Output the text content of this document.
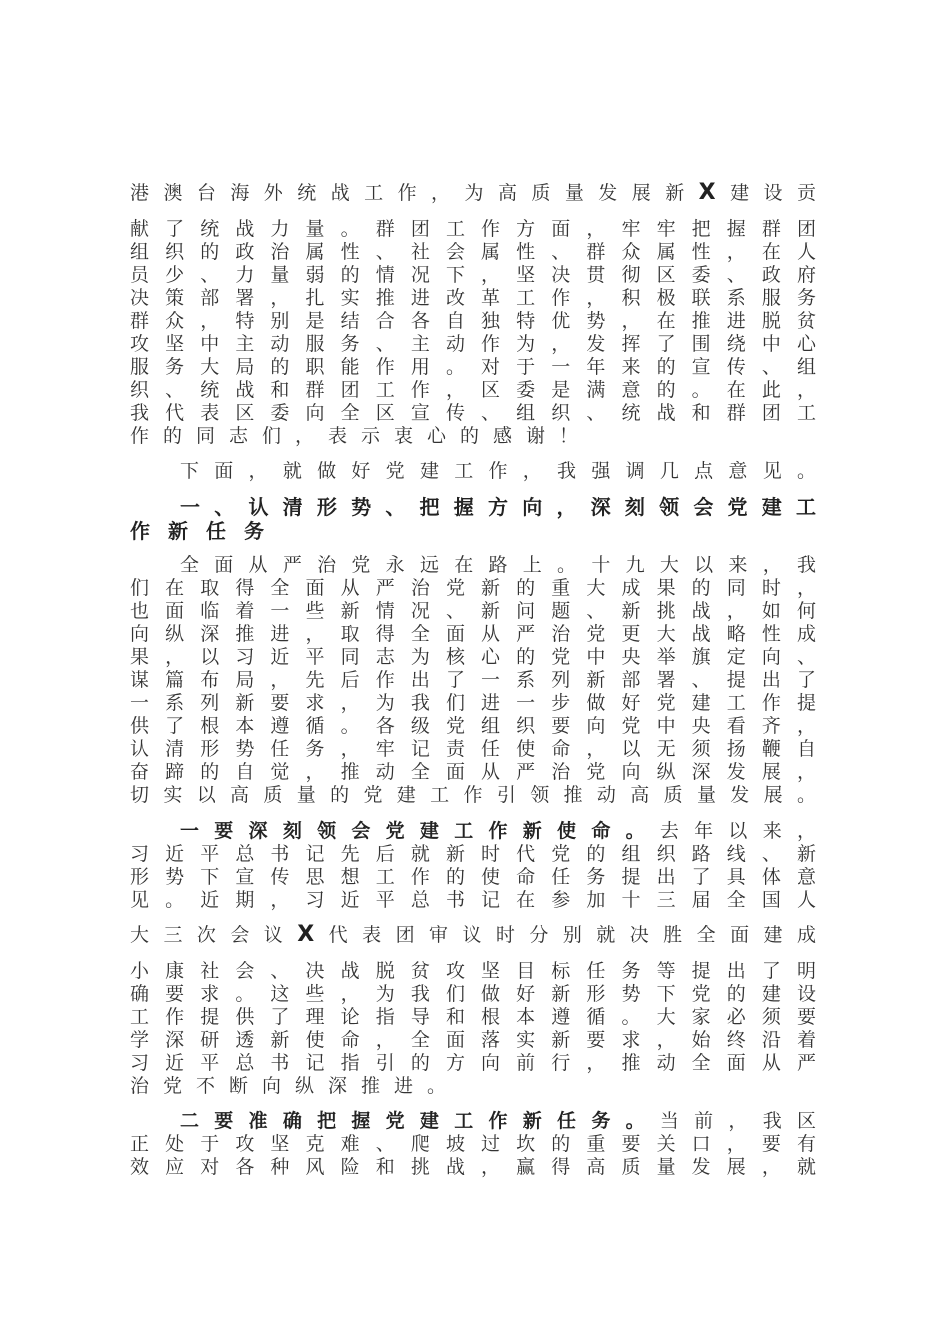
港澳台海外统战工作，为高质量发展新X建设贡
献了统战力量。群团工作方面，牢牢把握群团
组织的政治属性、社会属性、群众属性，在人
员少、力量弱的情况下，坚决贯彻区委、政府
决策部署，扎实推进改革工作，积极联系服务
群众，特别是结合各自独特优势，在推进脱贫
攻坚中主动服务、主动作为，发挥了围绕中心
服务大局的职能作用。对于一年来的宣传、组
织、统战和群团工作，区委是满意的。在此，
我代表区委向全区宣传、组织、统战和群团工
作的同志们，表示衷心的感谢！
下面，就做好党建工作，我强调几点意见。
一、认清形势、把握方向，深刻领会党建工
作新任务
全面从严治党永远在路上。十九大以来，我
们在取得全面从严治党新的重大成果的同时，
也面临着一些新情况、新问题、新挑战，如何
向纵深推进，取得全面从严治党更大战略性成
果，以习近平同志为核心的党中央举旗定向、
谋篇布局，先后作出了一系列新部署、提出了
一系列新要求，为我们进一步做好党建工作提
供了根本遵循。各级党组织要向党中央看齐，
认清形势任务，牢记责任使命，以无须扬鞭自
奋蹄的自觉，推动全面从严治党向纵深发展，
切实以高质量的党建工作引领推动高质量发展。
一要深刻领会党建工作新使命。去年以来，
习近平总书记先后就新时代党的组织路线、新
形势下宣传思想工作的使命任务提出了具体意
见。近期，习近平总书记在参加十三届全国人
大三次会议X代表团审议时分别就决胜全面建成
小康社会、决战脱贫攻坚目标任务等提出了明
确要求。这些，为我们做好新形势下党的建设
工作提供了理论指导和根本遵循。大家必须要
学深研透新使命，全面落实新要求，始终沿着
习近平总书记指引的方向前行，推动全面从严
治党不断向纵深推进。
二要准确把握党建工作新任务。当前，我区
正处于攻坚克难、爬坡过坎的重要关口，要有
效应对各种风险和挑战，赢得高质量发展，就
